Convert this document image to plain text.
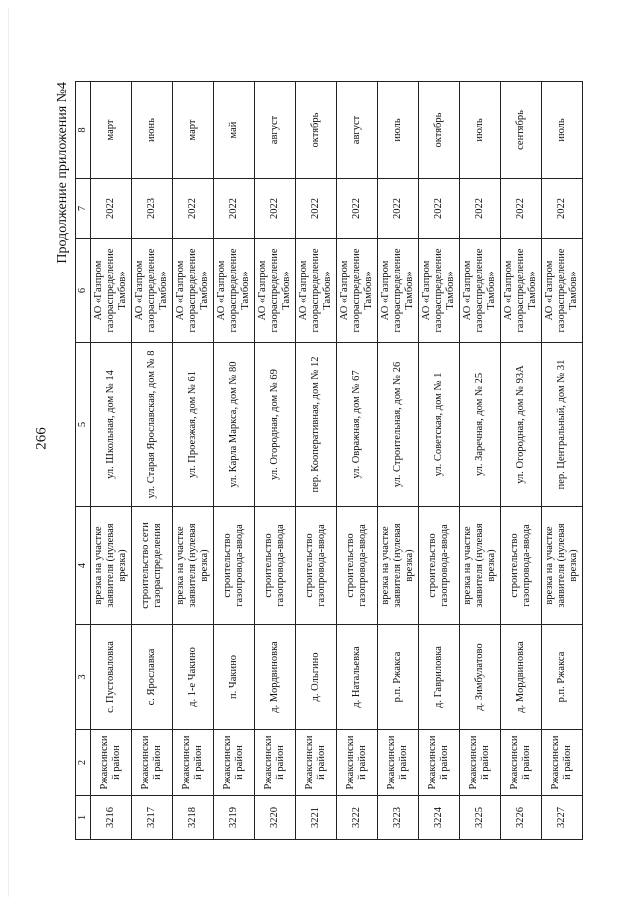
266
Продолжение приложения №4
1	2	3	4	5	6	7	8
3216	Ржаксинский район	с. Пустоваловка	врезка на участке заявителя (нулевая врезка)	ул. Школьная, дом № 14	АО «Газпром газораспределение Тамбов»	2022	март
3217	Ржаксинский район	с. Ярославка	строительство сети газораспределения	ул. Старая Ярославская, дом № 8	АО «Газпром газораспределение Тамбов»	2023	июнь
3218	Ржаксинский район	д. 1-е Чакино	врезка на участке заявителя (нулевая врезка)	ул. Проезжая, дом № 61	АО «Газпром газораспределение Тамбов»	2022	март
3219	Ржаксинский район	п. Чакино	строительство газопровода-ввода	ул. Карла Маркса, дом № 80	АО «Газпром газораспределение Тамбов»	2022	май
3220	Ржаксинский район	д. Мордвиновка	строительство газопровода-ввода	ул. Огородная, дом № 69	АО «Газпром газораспределение Тамбов»	2022	август
3221	Ржаксинский район	д. Ольгино	строительство газопровода-ввода	пер. Кооперативная, дом № 12	АО «Газпром газораспределение Тамбов»	2022	октябрь
3222	Ржаксинский район	д. Натальевка	строительство газопровода-ввода	ул. Овражная, дом № 67	АО «Газпром газораспределение Тамбов»	2022	август
3223	Ржаксинский район	р.п. Ржакса	врезка на участке заявителя (нулевая врезка)	ул. Строительная, дом № 26	АО «Газпром газораспределение Тамбов»	2022	июль
3224	Ржаксинский район	д. Гавриловка	строительство газопровода-ввода	ул. Советская, дом № 1	АО «Газпром газораспределение Тамбов»	2022	октябрь
3225	Ржаксинский район	д. Зимбулатово	врезка на участке заявителя (нулевая врезка)	ул. Заречная, дом № 25	АО «Газпром газораспределение Тамбов»	2022	июль
3226	Ржаксинский район	д. Мордвиновка	строительство газопровода-ввода	ул. Огородная, дом № 93А	АО «Газпром газораспределение Тамбов»	2022	сентябрь
3227	Ржаксинский район	р.п. Ржакса	врезка на участке заявителя (нулевая врезка)	пер. Центральный, дом № 31	АО «Газпром газораспределение Тамбов»	2022	июль
